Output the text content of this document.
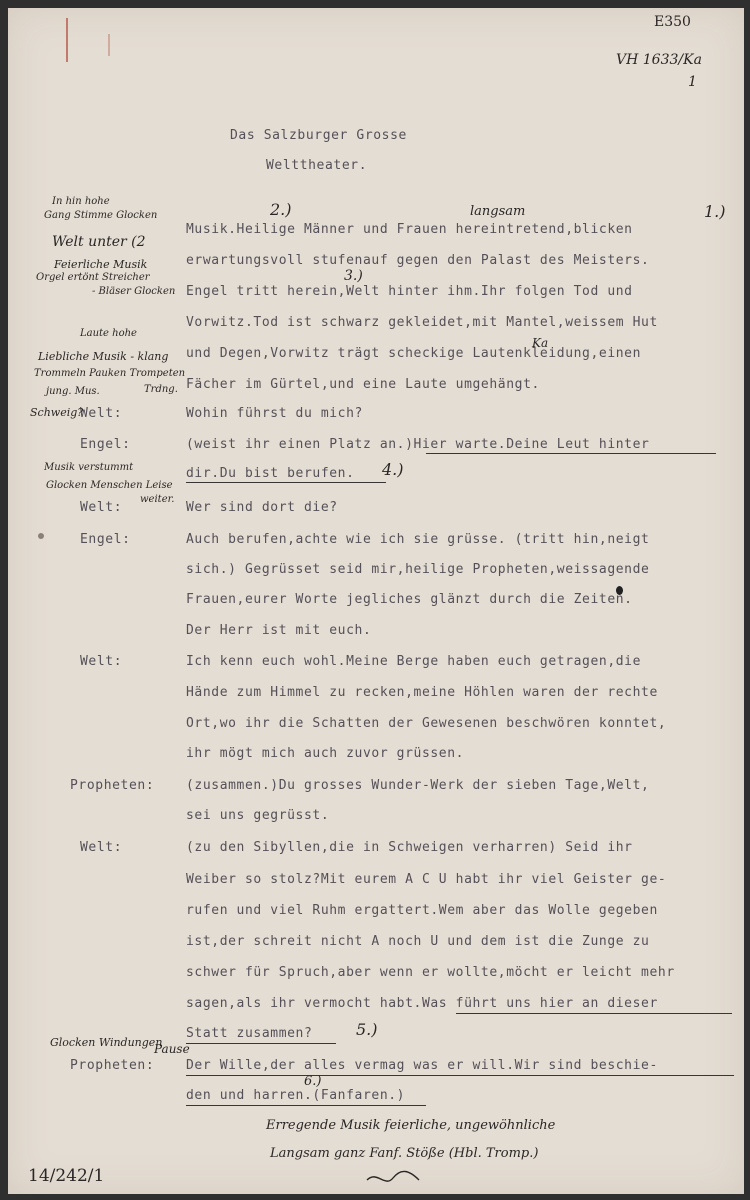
E350
VH 1633/Ka
1
Das Salzburger Grosse
Welttheater.
2.)	langsam	1.)
3.)
Ka
Musik.Heilige Männer und Frauen hereintretend,blicken
erwartungsvoll stufenauf gegen den Palast des Meisters.
Engel tritt herein,Welt hinter ihm.Ihr folgen Tod und
Vorwitz.Tod ist schwarz gekleidet,mit Mantel,weissem Hut
und Degen,Vorwitz trägt scheckige Lautenkleidung,einen
Fächer im Gürtel,und eine Laute umgehängt.
Welt:	Wohin führst du mich?
Engel:	(weist ihr einen Platz an.)Hier warte.Deine Leut hinter
dir.Du bist berufen. 4.)
Welt:	Wer sind dort die?
Engel:	Auch berufen,achte wie ich sie grüsse. (tritt hin,neigt
sich.) Gegrüsset seid mir,heilige Propheten,weissagende
Frauen,eurer Worte jegliches glänzt durch die Zeiten.
Der Herr ist mit euch.
Welt:	Ich kenn euch wohl.Meine Berge haben euch getragen,die
Hände zum Himmel zu recken,meine Höhlen waren der rechte
Ort,wo ihr die Schatten der Gewesenen beschwören konntet,
ihr mögt mich auch zuvor grüssen.
Propheten: (zusammen.)Du grosses Wunder-Werk der sieben Tage,Welt,
sei uns gegrüsst.
Welt:	(zu den Sibyllen,die in Schweigen verharren) Seid ihr
Weiber so stolz?Mit eurem A C U habt ihr viel Geister ge-
rufen und viel Ruhm ergattert.Wem aber das Wolle gegeben
ist,der schreit nicht A noch U und dem ist die Zunge zu
schwer für Spruch,aber wenn er wollte,möcht er leicht mehr
sagen,als ihr vermocht habt.Was führt uns hier an dieser
Statt zusammen?	5.)
Propheten: Der Wille,der alles vermag was er will.Wir sind beschie-
den und harren.(Fanfaren.)
6.)
In hin hohe
Gang Stimme Glocken
Welt unter (2
Feierliche Musik
Orgel ertönt Streicher
- Bläser Glocken
Laute hohe
Liebliche Musik - klang
Trommeln Pauken Trompeten
jung. Mus.	Trdng.
Schweig?
Musik verstummt
Glocken Menschen Leise
weiter.
Glocken Windungen
Pause
Erregende Musik feierliche, ungewöhnliche
Langsam ganz Fanf. Stöße (Hbl. Tromp.)
14/242/1
